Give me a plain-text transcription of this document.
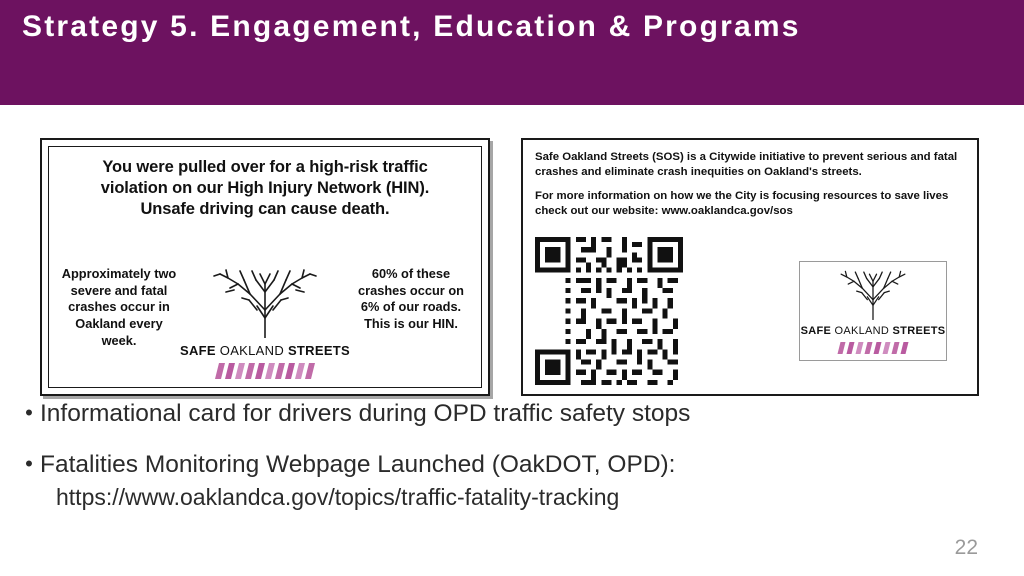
Strategy 5. Engagement, Education & Programs
You were pulled over for a high-risk traffic
violation on our High Injury Network (HIN).
Unsafe driving can cause death.
Approximately two severe and fatal crashes occur in Oakland every week.
SAFE OAKLAND STREETS
60% of these crashes occur on 6% of our roads. This is our HIN.

Safe Oakland Streets (SOS) is a Citywide initiative to prevent serious and fatal crashes and eliminate crash inequities on Oakland's streets.

For more information on how we the City is focusing resources to save lives check out our website: www.oaklandca.gov/sos

SAFE OAKLAND STREETS
• Informational card for drivers during OPD traffic safety stops
• Fatalities Monitoring Webpage Launched (OakDOT, OPD):
https://www.oaklandca.gov/topics/traffic-fatality-tracking
22
